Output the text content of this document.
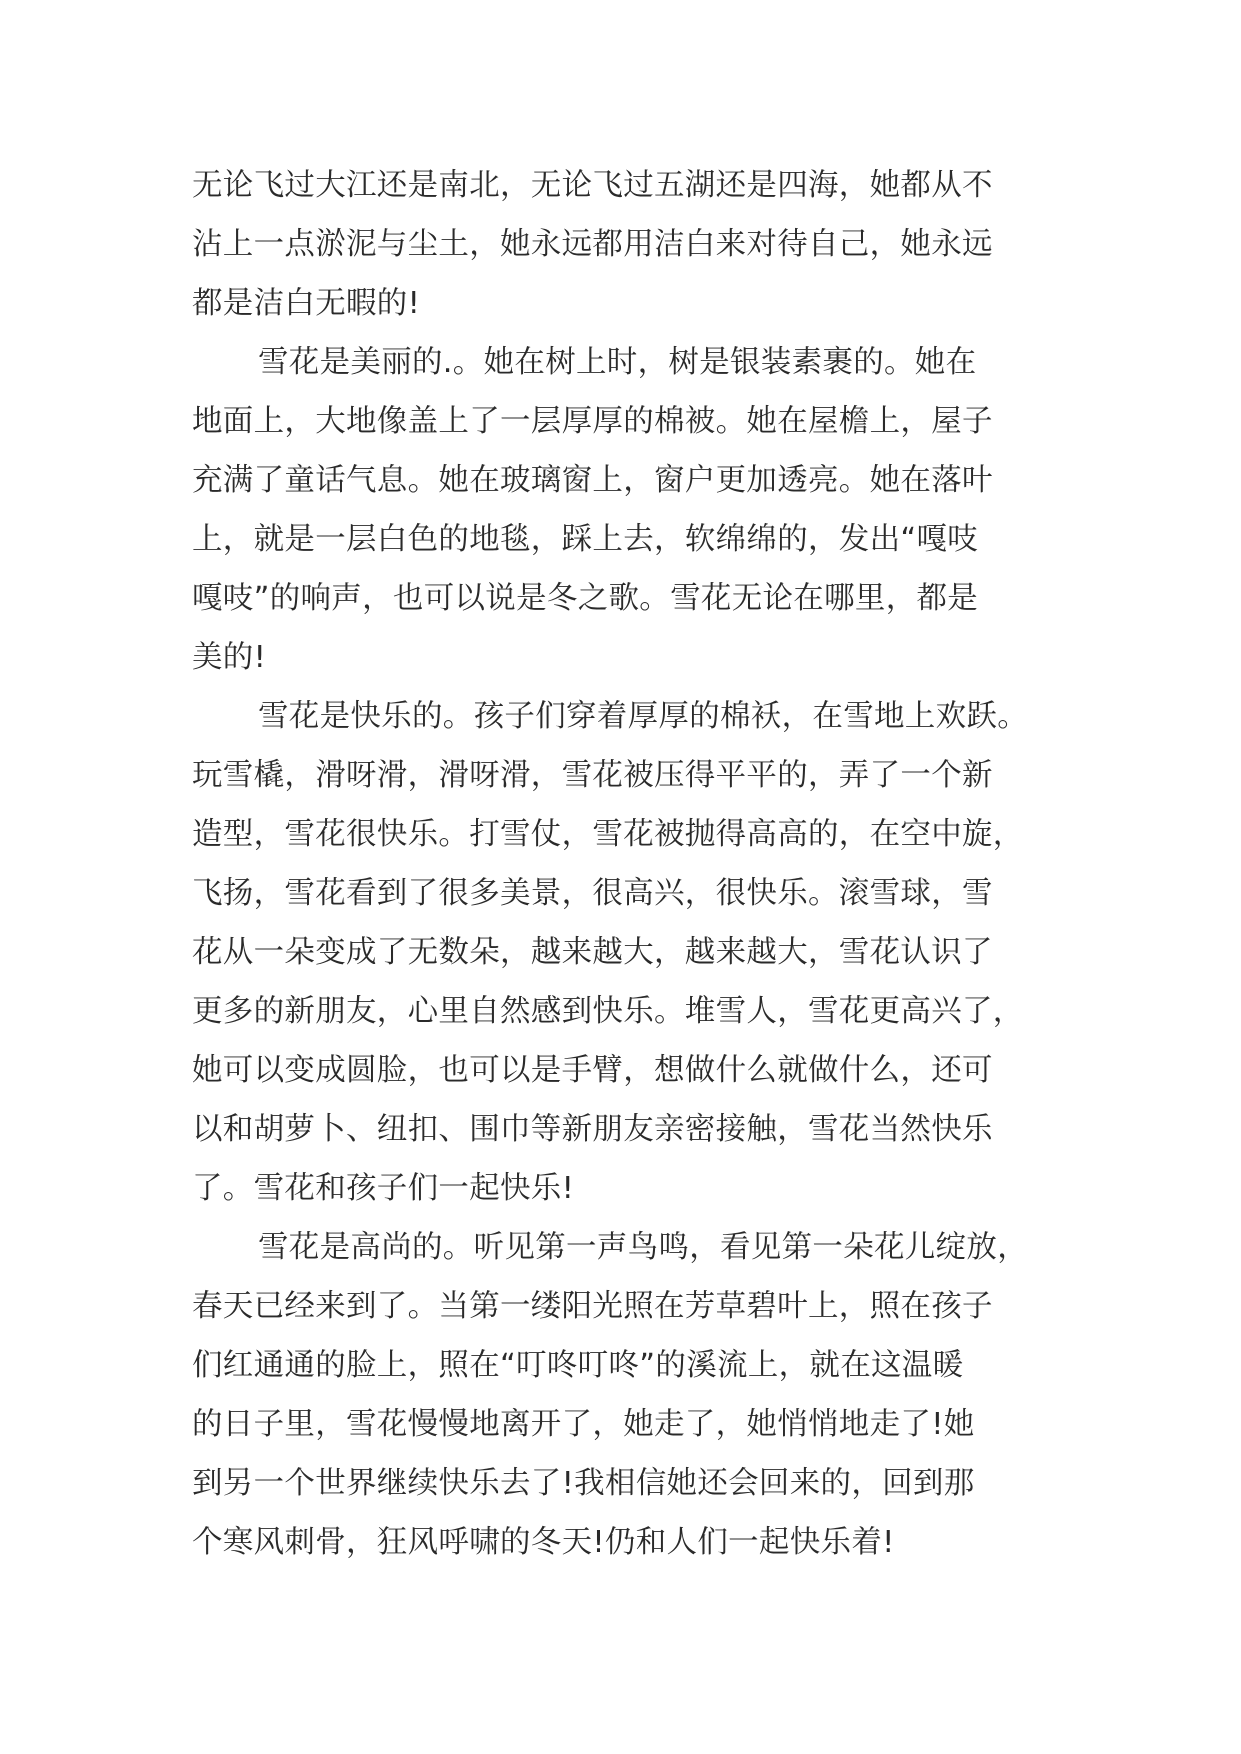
无论飞过大江还是南北，无论飞过五湖还是四海，她都从不
沾上一点淤泥与尘土，她永远都用洁白来对待自己，她永远
都是洁白无暇的!
雪花是美丽的.。她在树上时，树是银装素裹的。她在
地面上，大地像盖上了一层厚厚的棉被。她在屋檐上，屋子
充满了童话气息。她在玻璃窗上，窗户更加透亮。她在落叶
上，就是一层白色的地毯，踩上去，软绵绵的，发出“嘎吱
嘎吱”的响声，也可以说是冬之歌。雪花无论在哪里，都是
美的!
雪花是快乐的。孩子们穿着厚厚的棉袄，在雪地上欢跃。
玩雪橇，滑呀滑，滑呀滑，雪花被压得平平的，弄了一个新
造型，雪花很快乐。打雪仗，雪花被抛得高高的，在空中旋，
飞扬，雪花看到了很多美景，很高兴，很快乐。滚雪球，雪
花从一朵变成了无数朵，越来越大，越来越大，雪花认识了
更多的新朋友，心里自然感到快乐。堆雪人，雪花更高兴了，
她可以变成圆脸，也可以是手臂，想做什么就做什么，还可
以和胡萝卜、纽扣、围巾等新朋友亲密接触，雪花当然快乐
了。雪花和孩子们一起快乐!
雪花是高尚的。听见第一声鸟鸣，看见第一朵花儿绽放，
春天已经来到了。当第一缕阳光照在芳草碧叶上，照在孩子
们红通通的脸上，照在“叮咚叮咚”的溪流上，就在这温暖
的日子里，雪花慢慢地离开了，她走了，她悄悄地走了!她
到另一个世界继续快乐去了!我相信她还会回来的，回到那
个寒风刺骨，狂风呼啸的冬天!仍和人们一起快乐着!
